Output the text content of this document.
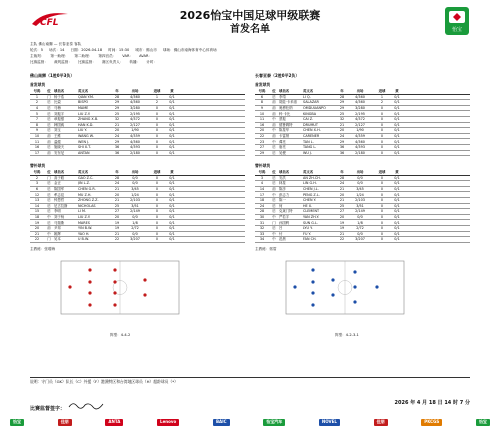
CFL
怡宝
2026怡宝中国足球甲级联赛
首发名单
主队 佛山南狮 — 长春亚泰 客队
轮次：5 场次：14 日期：2026-04-18 时间：15:30 城市：佛山市 球场：佛山市南海体育中心体育场
主裁判： 第一助理： 第二助理： 第四官员： VAR： AVAR：
比赛监督： 裁判监督： 比赛监督： 赛区负责人： 转播： 计时：
佛山南狮（1胜0平3负）	长春亚泰（2胜0平2负）
首发球员	首发球员
号码	位 球员名	英文名	年	出场	进球	黄
1	门 杨子浩	QIAN Y.M.	28	4/360	1	0/1
2	后 比索	BISPO	29	4/360	2	0/1
4	后 马梅	MAME	29	3/280	0	0/1
5	后 刘振宇	LIU Z.Y.	25	2/195	0	0/1
7	后 章振强	ZHANG X.B.	32	4/372	0	0/1
8	后 韩国威	HAN K.D.	21	2/127	0	0/1
9	后 刘玉	LIU Y.	20	1/90	0	0/1
10	前 王维	WANG W.	24	4/359	0	0/1
11	前 温健	WEN J.	29	4/360	0	0/1
16	后 施晓天	SHI X.T.	36	4/393	0	0/1
17	前 安东尼	ANTAN	36	2/180	0	0/1
号码	位 球员名	英文名	年	出场	进球	黄
6	后 李靖	LI Q.	28	4/360	1	0/1
8	前 胡娃·卡米洛	SALAZAR	29	4/360	2	0/1
9	前 奥穆杜纳	OMDUUANPO	29	3/280	0	0/1
10	前 科·卡比	KINGBA	25	2/195	0	0/1
11	中 蔡振	CAI Z.	32	4/372	0	0/1
16	前 德鲁姆特	DRUMUT	21	2/127	0	0/1
20	中 陈星华	CHEN X.H.	20	1/90	0	0/1
22	前 卡雷纳	CARENER	24	4/359	0	0/1
23	中 谭亮	TAN L.	29	4/360	0	0/1
27	后 唐亮	TANG L.	36	4/393	0	0/1
29	后 吴俊	WU J.	36	2/180	0	0/1
替补球员	替补球员
号码	位 球员名	英文名	年	出场	进球	黄
2	门 高子聪	GAO Z.C.	28	0/0	0	0/1
3	后 金正	JIN L.Z.	24	0/0	0	0/1
6	后 陈国军	CHEN G.R.	21	3/45	0	0/1
12	后 牟志辰	MU Z.H.	20	1/24	0	0/1
13	后 钟思哲	ZHONG Z.Z.	21	2/103	0	0/1
14	后 尼古拉斯	NICHOLAS	25	3/51	0	0/1
15	后 李明	LI M.	27	2/149	0	0/1
18	中 刘子杨	LIU Z.Y.	20	0/0	0	0/1
19	后 马瑞斯	MARES	19	1/8	0	0/1
20	前 尹邦	YIN B.W.	19	2/72	0	0/1
21	中 姚辉	YAO H.	21	0/0	0	0/1
22	门 吴本	U B.W.	22	3/207	0	0/1
号码	位 球员名	英文名	年	出场	进球	黄
3	后 安洪	AN ZH.CH.	28	0/0	0	0/1
4	后 林星	LIN G.H.	24	0/0	0	0/1
14	前 陈彦	CHEN J.L.	21	3/45	0	0/1
17	中 彭志力	PENG Z.L.	20	1/24	0	0/1
18	后 陈一	CHEN Y.	21	2/103	0	0/1
24	后 何	HE X.	25	3/51	0	0/1
28	后 克莱门特	CLEMENT	27	2/149	0	0/1
30	中 严若宇	YAN ZH.Y.	20	0/0	0	0/1
31	门 孙国利	SUN G.L.	19	1/8	0	0/1
32	后 吕	LYU Y.	19	2/72	0	0/1
33	中 付	FU Y.	21	0/0	0	0/1
34	中 范晨	FAN CH.	22	3/207	0	0/1
主教练：张增海	主教练：郭眉
阵型：4-4-2	阵型：4-2-3-1
说明：守门员（GK）队长（C）外援（F）港澳特区和台湾地区球员（H）超龄球员（*）
比赛监督签字：
2026 年 4 月 18 日 14 时 7 分
怡宝	佳朋	ANTA	Lenovo	BAIC	怡宝汽车	NOVEL	佳朋	PKCGS	怡宝
